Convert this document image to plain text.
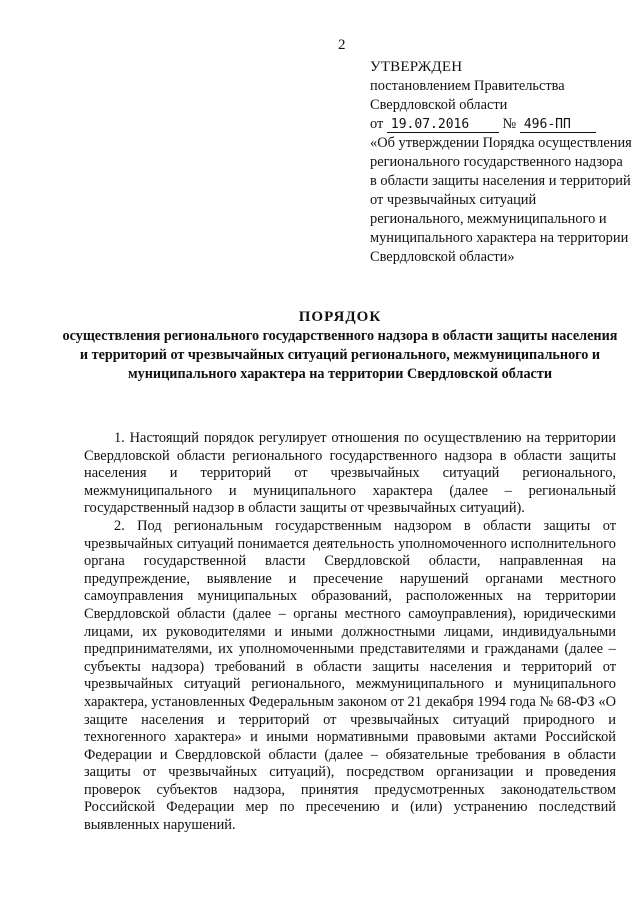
2
УТВЕРЖДЕН
постановлением Правительства
Свердловской области
от 19.07.2016 № 496-ПП
«Об утверждении Порядка осуществления регионального государственного надзора в области защиты населения и территорий от чрезвычайных ситуаций регионального, межмуниципального и муниципального характера на территории Свердловской области»
ПОРЯДОК
осуществления регионального государственного надзора в области защиты населения и территорий от чрезвычайных ситуаций регионального, межмуниципального и муниципального характера на территории Свердловской области

1. Настоящий порядок регулирует отношения по осуществлению на территории Свердловской области регионального государственного надзора в области защиты населения и территорий от чрезвычайных ситуаций регионального, межмуниципального и муниципального характера (далее – региональный государственный надзор в области защиты от чрезвычайных ситуаций).

2. Под региональным государственным надзором в области защиты от чрезвычайных ситуаций понимается деятельность уполномоченного исполнительного органа государственной власти Свердловской области, направленная на предупреждение, выявление и пресечение нарушений органами местного самоуправления муниципальных образований, расположенных на территории Свердловской области (далее – органы местного самоуправления), юридическими лицами, их руководителями и иными должностными лицами, индивидуальными предпринимателями, их уполномоченными представителями и гражданами (далее – субъекты надзора) требований в области защиты населения и территорий от чрезвычайных ситуаций регионального, межмуниципального и муниципального характера, установленных Федеральным законом от 21 декабря 1994 года № 68-ФЗ «О защите населения и территорий от чрезвычайных ситуаций природного и техногенного характера» и иными нормативными правовыми актами Российской Федерации и Свердловской области (далее – обязательные требования в области защиты от чрезвычайных ситуаций), посредством организации и проведения проверок субъектов надзора, принятия предусмотренных законодательством Российской Федерации мер по пресечению и (или) устранению последствий выявленных нарушений.
